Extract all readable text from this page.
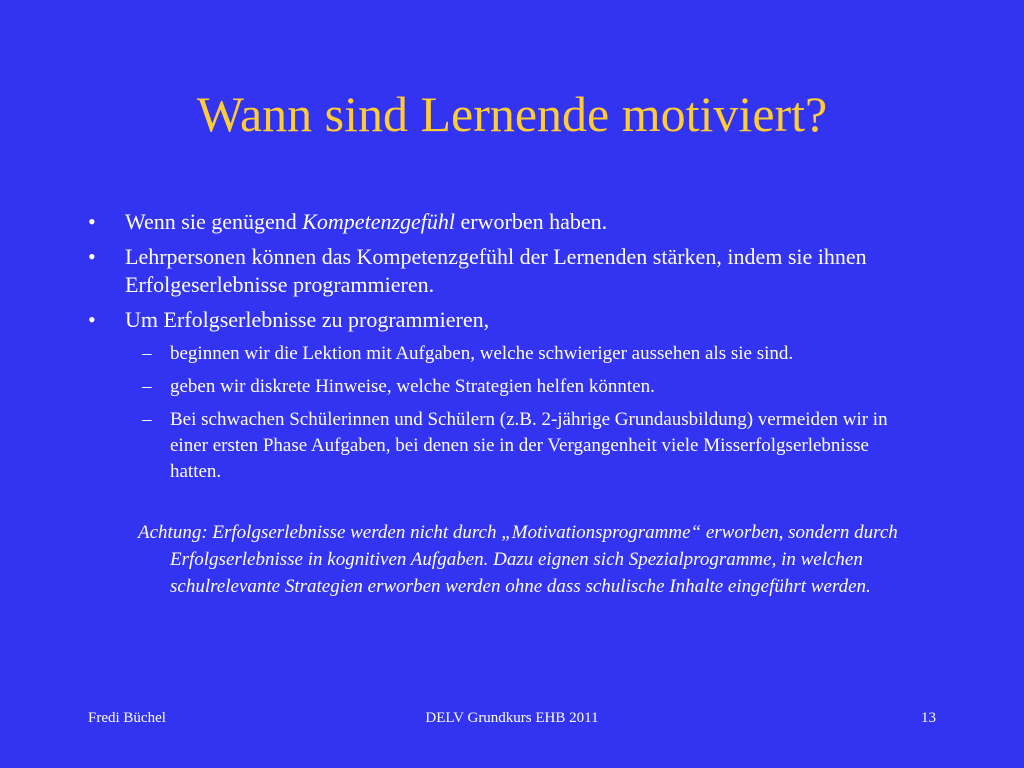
Wann sind Lernende motiviert?
• Wenn sie genügend Kompetenzgefühl erworben haben.
• Lehrpersonen können das Kompetenzgefühl der Lernenden stärken, indem sie ihnen Erfolgeserlebnisse programmieren.
• Um Erfolgserlebnisse zu programmieren,
– beginnen wir die Lektion mit Aufgaben, welche schwieriger aussehen als sie sind.
– geben wir diskrete Hinweise, welche Strategien helfen könnten.
– Bei schwachen Schülerinnen und Schülern (z.B. 2-jährige Grundausbildung) vermeiden wir in einer ersten Phase Aufgaben, bei denen sie in der Vergangenheit viele Misserfolgserlebnisse hatten.
Achtung: Erfolgserlebnisse werden nicht durch „Motivationsprogramme“ erworben, sondern durch Erfolgserlebnisse in kognitiven Aufgaben. Dazu eignen sich Spezialprogramme, in welchen schulrelevante Strategien erworben werden ohne dass schulische Inhalte eingeführt werden.
Fredi Büchel	DELV Grundkurs EHB 2011	13
